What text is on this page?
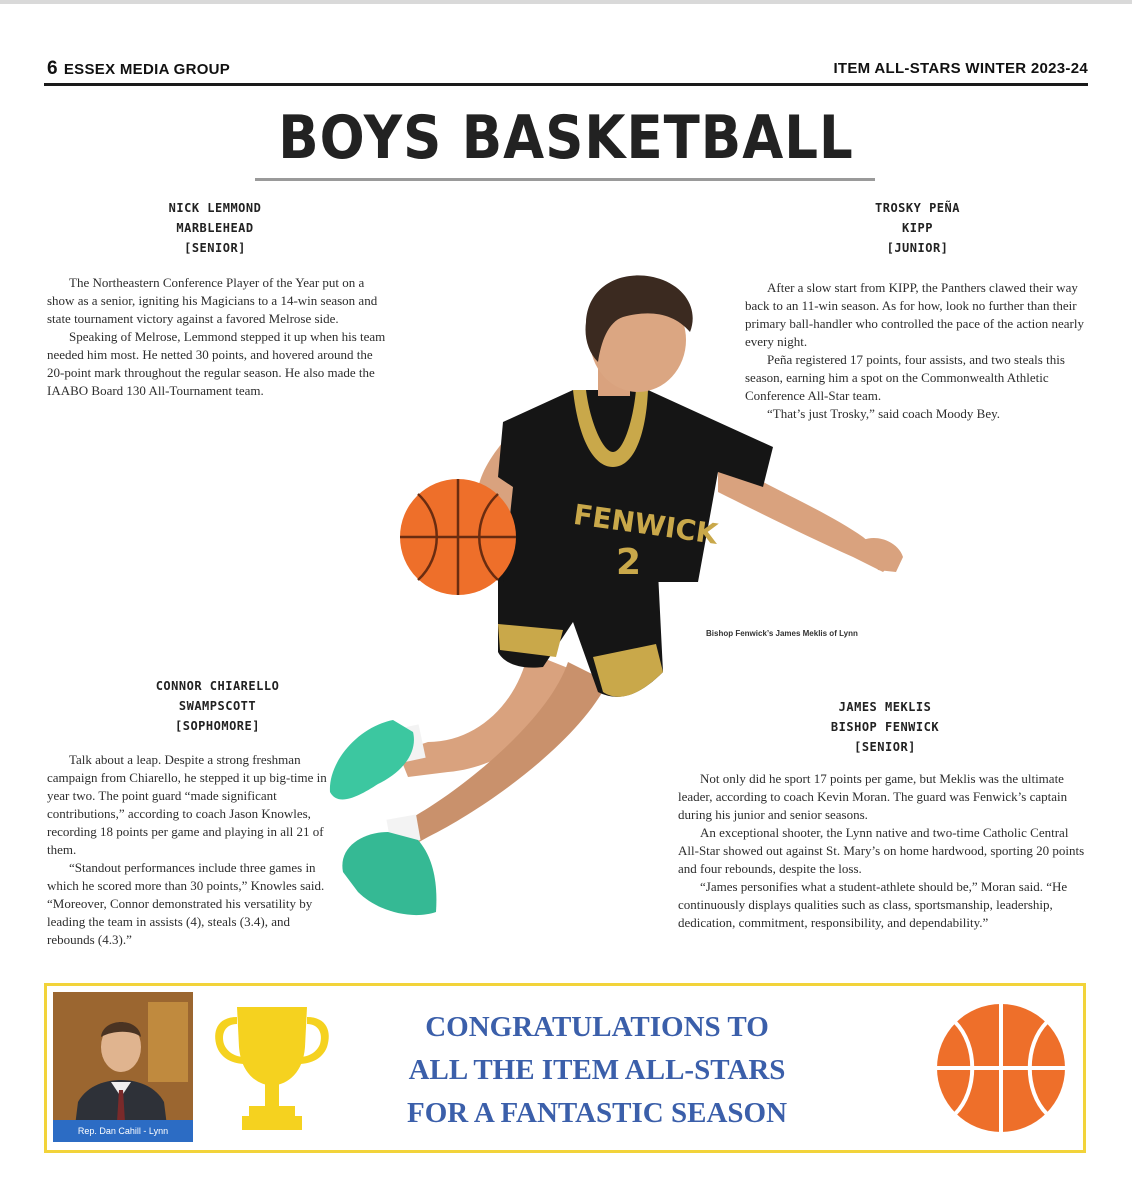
6 ESSEX MEDIA GROUP	ITEM ALL-STARS WINTER 2023-24
BOYS BASKETBALL
NICK LEMMOND
MARBLEHEAD
[SENIOR]

The Northeastern Conference Player of the Year put on a show as a senior, igniting his Magicians to a 14-win season and state tournament victory against a favored Melrose side.

Speaking of Melrose, Lemmond stepped it up when his team needed him most. He netted 30 points, and hovered around the 20-point mark throughout the regular season. He also made the IAABO Board 130 All-Tournament team.

TROSKY PEÑA
KIPP
[JUNIOR]

After a slow start from KIPP, the Panthers clawed their way back to an 11-win season. As for how, look no further than their primary ball-handler who controlled the pace of the action nearly every night.

Peña registered 17 points, four assists, and two steals this season, earning him a spot on the Commonwealth Athletic Conference All-Star team.

“That’s just Trosky,” said coach Moody Bey.

CONNOR CHIARELLO
SWAMPSCOTT
[SOPHOMORE]

Talk about a leap. Despite a strong freshman campaign from Chiarello, he stepped it up big-time in year two. The point guard “made significant contributions,” according to coach Jason Knowles, recording 18 points per game and playing in all 21 of them.

“Standout performances include three games in which he scored more than 30 points,” Knowles said. “Moreover, Connor demonstrated his versatility by leading the team in assists (4), steals (3.4), and rebounds (4.3).”

JAMES MEKLIS
BISHOP FENWICK
[SENIOR]

Not only did he sport 17 points per game, but Meklis was the ultimate leader, according to coach Kevin Moran. The guard was Fenwick’s captain during his junior and senior seasons.

An exceptional shooter, the Lynn native and two-time Catholic Central All-Star showed out against St. Mary’s on home hardwood, sporting 20 points and four rebounds, despite the loss.

“James personifies what a student-athlete should be,” Moran said. “He continuously displays qualities such as class, sportsmanship, leadership, dedication, commitment, responsibility, and dependability.”

FENWICK
2
Bishop Fenwick’s James Meklis of Lynn
Rep. Dan Cahill - Lynn
CONGRATULATIONS TO
ALL THE ITEM ALL-STARS
FOR A FANTASTIC SEASON
